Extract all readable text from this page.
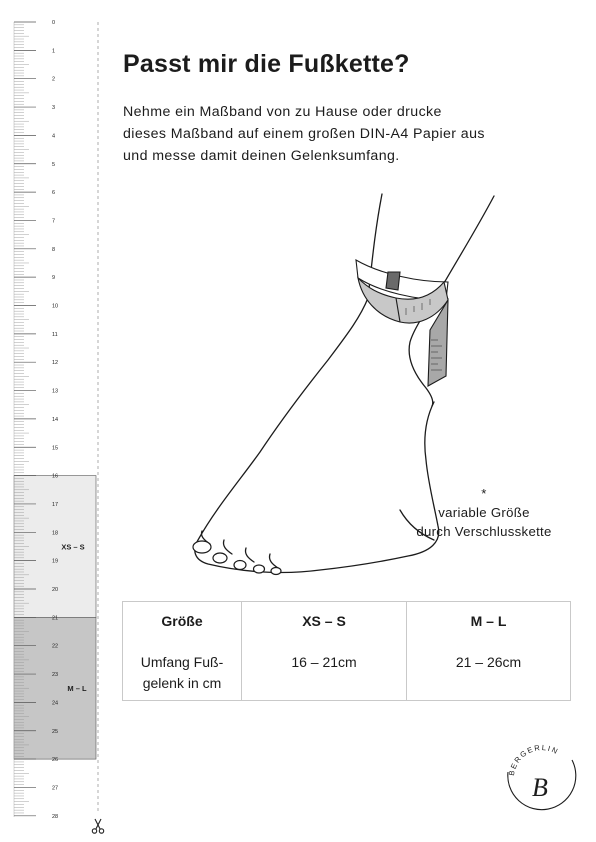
0
1
2
3
4
5
6
7
8
9
10
11
12
13
14
15
16
17
18
19
20
21
22
23
24
25
26
27
28
XS – S
M – L
Passt mir die Fußkette?
Nehme ein Maßband von zu Hause oder drucke
dieses Maßband auf einem großen DIN-A4 Papier aus
und messe damit deinen Gelenksumfang.
*
variable Größe
durch Verschlusskette
Größe	XS – S	M – L

Umfang Fuß-
gelenk in cm	16 – 21cm	21 – 26cm
BERGERLIN
B
